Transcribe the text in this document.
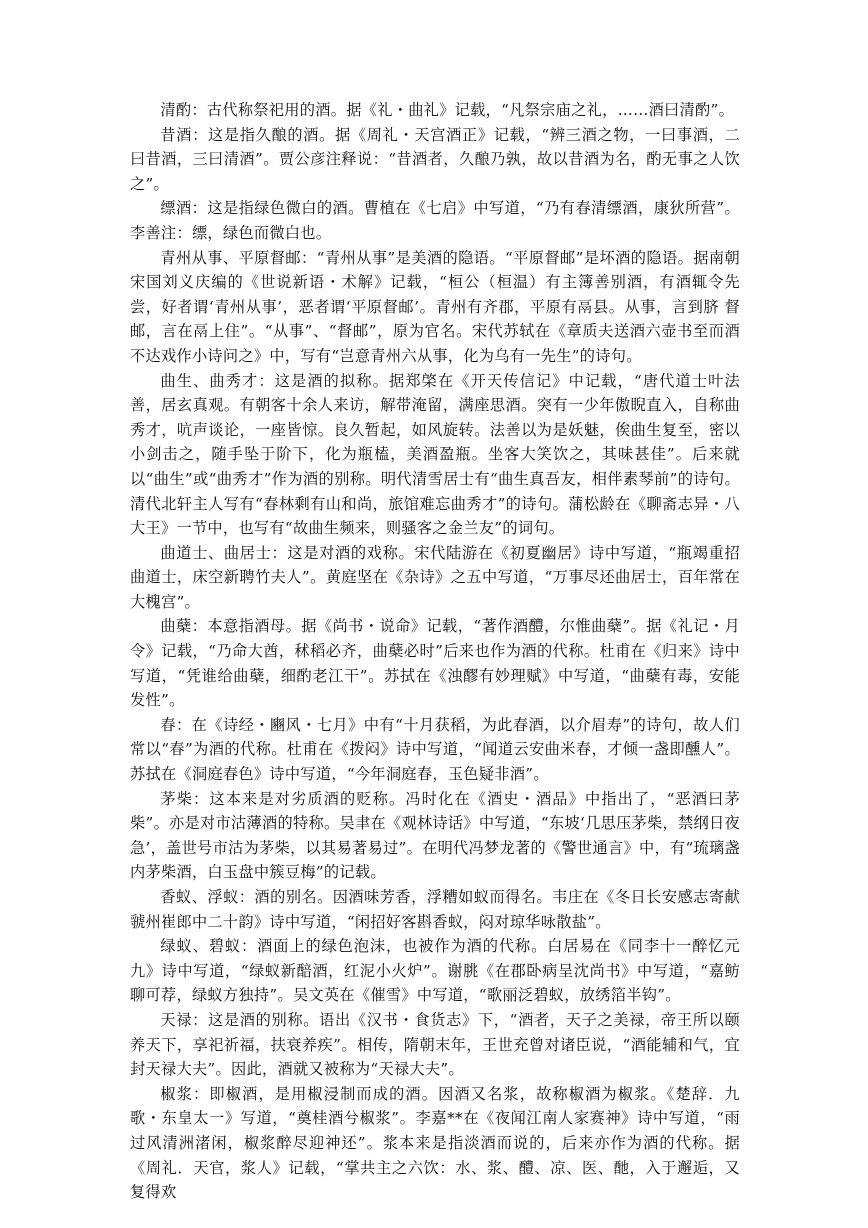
清酌：古代称祭祀用的酒。据《礼・曲礼》记载，“凡祭宗庙之礼，……酒曰清酌”。

昔酒：这是指久酿的酒。据《周礼・天宫酒正》记载，“辨三酒之物，一曰事酒，二曰昔酒，三曰清酒”。贾公彦注释说：“昔酒者，久酿乃孰，故以昔酒为名，酌无事之人饮之”。

缥酒：这是指绿色微白的酒。曹植在《七启》中写道，“乃有春清缥酒，康狄所营”。李善注：缥，绿色而微白也。

青州从事、平原督邮：“青州从事”是美酒的隐语。“平原督邮”是坏酒的隐语。据南朝宋国刘义庆编的《世说新语・术解》记载，“桓公（桓温）有主簿善别酒，有酒辄令先尝，好者谓‘青州从事’，恶者谓‘平原督邮’。青州有齐郡，平原有鬲县。从事，言到脐 督邮，言在鬲上住”。“从事”、“督邮”，原为官名。宋代苏轼在《章质夫送酒六壶书至而酒不达戏作小诗问之》中，写有“岂意青州六从事，化为乌有一先生”的诗句。

曲生、曲秀才：这是酒的拟称。据郑棨在《开天传信记》中记载，“唐代道士叶法善，居玄真观。有朝客十余人来访，解带淹留，满座思酒。突有一少年傲睨直入，自称曲秀才，吭声谈论，一座皆惊。良久暂起，如风旋转。法善以为是妖魅，俟曲生复至，密以小剑击之，随手坠于阶下，化为瓶榼，美酒盈瓶。坐客大笑饮之，其味甚佳”。后来就以“曲生”或“曲秀才”作为酒的别称。明代清雪居士有“曲生真吾友，相伴素琴前”的诗句。清代北轩主人写有“春林剩有山和尚，旅馆难忘曲秀才”的诗句。蒲松龄在《聊斋志异・八大王》一节中，也写有“故曲生频来，则骚客之金兰友”的词句。

曲道士、曲居士：这是对酒的戏称。宋代陆游在《初夏幽居》诗中写道，“瓶竭重招曲道士，床空新聘竹夫人”。黄庭坚在《杂诗》之五中写道，“万事尽还曲居士，百年常在大槐宫”。

曲蘖：本意指酒母。据《尚书・说命》记载，“著作酒醴，尔惟曲蘖”。据《礼记・月令》记载，“乃命大酋，秫稻必齐，曲蘖必时”后来也作为酒的代称。杜甫在《归来》诗中写道，“凭谁给曲蘖，细酌老江干”。苏拭在《浊醪有妙理赋》中写道，“曲蘖有毒，安能发性”。

春：在《诗经・豳风・七月》中有“十月获稻，为此春酒，以介眉寿”的诗句，故人们常以“春”为酒的代称。杜甫在《拨闷》诗中写道，“闻道云安曲米春，才倾一盏即醺人”。苏拭在《洞庭春色》诗中写道，“今年洞庭春，玉色疑非酒”。

茅柴：这本来是对劣质酒的贬称。冯时化在《酒史・酒品》中指出了，“恶酒曰茅柴”。亦是对市沽薄酒的特称。吴聿在《观林诗话》中写道，“东坡‘几思压茅柴，禁纲日夜急’，盖世号市沽为茅柴，以其易著易过”。在明代冯梦龙著的《警世通言》中，有“琉璃盏内茅柴酒，白玉盘中簇豆梅”的记载。

香蚁、浮蚁：酒的别名。因酒味芳香，浮糟如蚁而得名。韦庄在《冬日长安感志寄献虢州崔郎中二十韵》诗中写道，“闲招好客斟香蚁，闷对琼华咏散盐”。

绿蚁、碧蚁：酒面上的绿色泡沫，也被作为酒的代称。白居易在《同李十一醉忆元九》诗中写道，“绿蚁新醅酒，红泥小火炉”。谢朓《在郡卧病呈沈尚书》中写道，“嘉鲂聊可荐，绿蚁方独持”。吴文英在《催雪》中写道，“歌丽泛碧蚁，放绣箔半钩”。

天禄：这是酒的别称。语出《汉书・食货志》下，“酒者，天子之美禄，帝王所以颐养天下，享祀祈福，扶衰养疾”。相传，隋朝末年，王世充曾对诸臣说，“酒能辅和气，宜封天禄大夫”。因此，酒就又被称为“天禄大夫”。

椒浆：即椒酒，是用椒浸制而成的酒。因酒又名浆，故称椒酒为椒浆。《楚辞．九歌・东皇太一》写道，“奠桂酒兮椒浆”。李嘉**在《夜闻江南人家赛神》诗中写道，“雨过风清洲渚闲，椒浆醉尽迎神还”。浆本来是指淡酒而说的，后来亦作为酒的代称。据《周礼．天官，浆人》记载，“掌共主之六饮：水、浆、醴、凉、医、酏，入于邂逅，又复得欢
